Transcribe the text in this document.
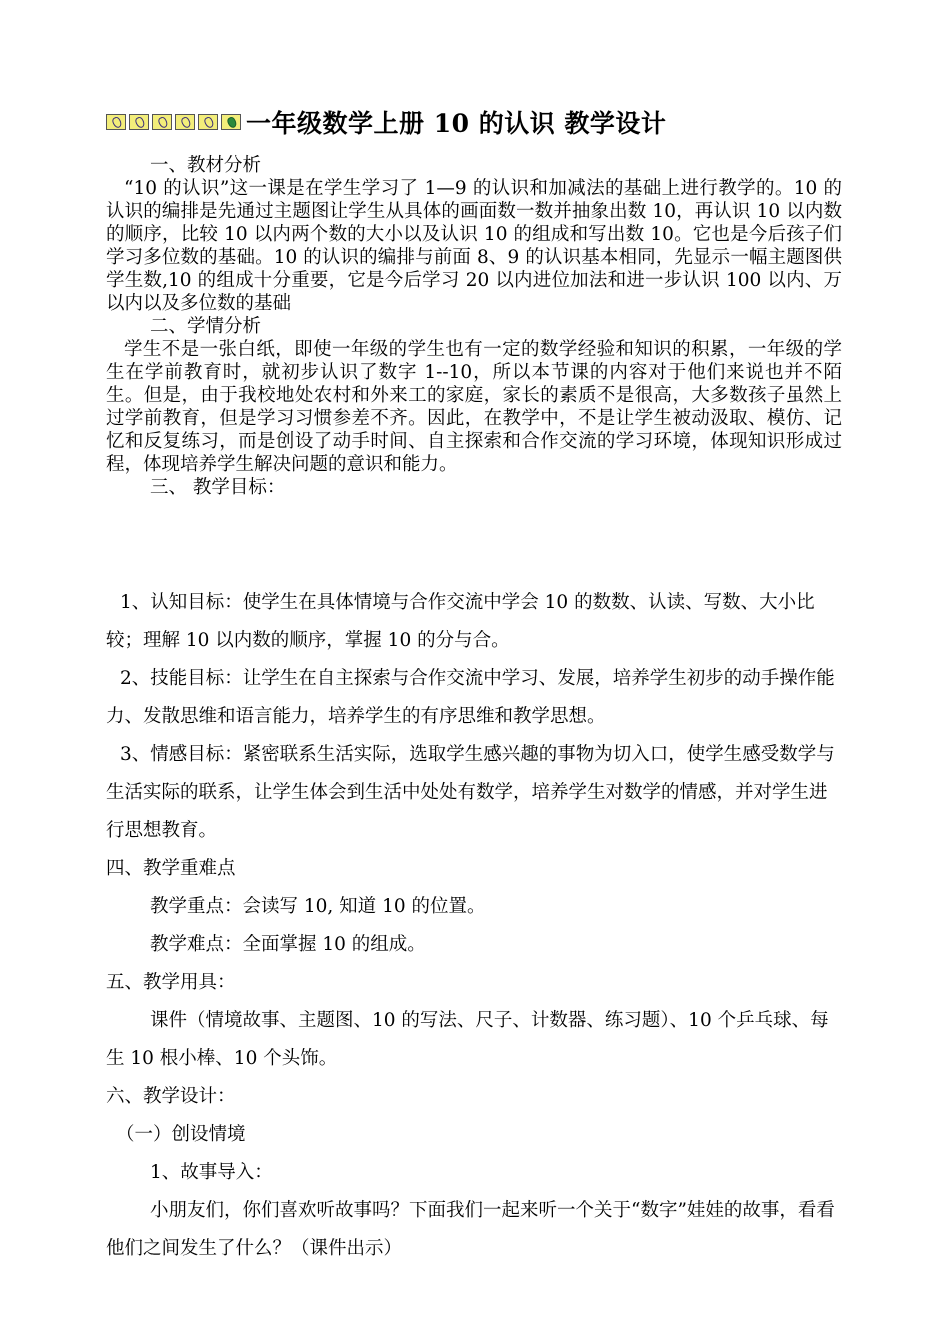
一年级数学上册 10 的认识 教学设计

一、教材分析

“10 的认识”这一课是在学生学习了 1—9 的认识和加减法的基础上进行教学的。10 的认识的编排是先通过主题图让学生从具体的画面数一数并抽象出数 10，再认识 10 以内数的顺序，比较 10 以内两个数的大小以及认识 10 的组成和写出数 10。它也是今后孩子们学习多位数的基础。10 的认识的编排与前面 8、9 的认识基本相同，先显示一幅主题图供学生数,10 的组成十分重要，它是今后学习 20 以内进位加法和进一步认识 100 以内、万以内以及多位数的基础

二、学情分析

学生不是一张白纸，即使一年级的学生也有一定的数学经验和知识的积累，一年级的学生在学前教育时，就初步认识了数字 1--10，所以本节课的内容对于他们来说也并不陌生。但是，由于我校地处农村和外来工的家庭，家长的素质不是很高，大多数孩子虽然上过学前教育，但是学习习惯参差不齐。因此，在教学中，不是让学生被动汲取、模仿、记忆和反复练习，而是创设了动手时间、自主探索和合作交流的学习环境，体现知识形成过程，体现培养学生解决问题的意识和能力。

三、 教学目标：

1、认知目标：使学生在具体情境与合作交流中学会 10 的数数、认读、写数、大小比较；理解 10 以内数的顺序，掌握 10 的分与合。

2、技能目标：让学生在自主探索与合作交流中学习、发展，培养学生初步的动手操作能力、发散思维和语言能力，培养学生的有序思维和教学思想。

3、情感目标：紧密联系生活实际，选取学生感兴趣的事物为切入口，使学生感受数学与生活实际的联系，让学生体会到生活中处处有数学，培养学生对数学的情感，并对学生进行思想教育。

四、教学重难点

教学重点：会读写 10, 知道 10 的位置。

教学难点：全面掌握 10 的组成。

五、教学用具：

课件（情境故事、主题图、10 的写法、尺子、计数器、练习题）、10 个乒乓球、每生 10 根小棒、10 个头饰。

六、教学设计：

（一）创设情境

1、故事导入：

小朋友们，你们喜欢听故事吗？下面我们一起来听一个关于“数字”娃娃的故事，看看他们之间发生了什么？（课件出示）
